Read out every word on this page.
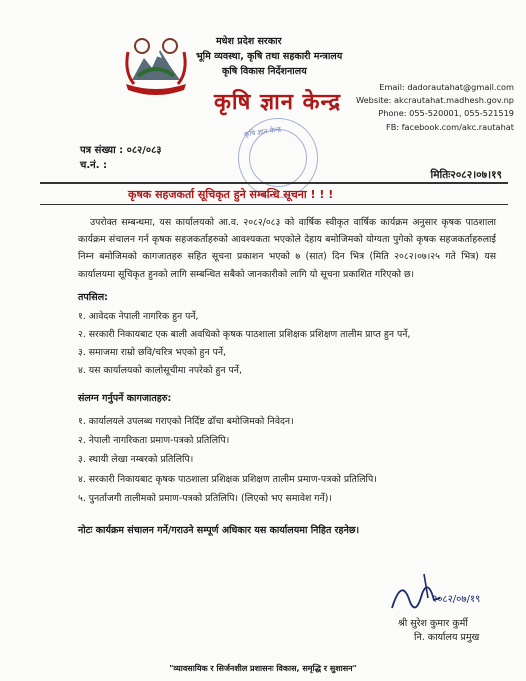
मधेश प्रदेश सरकार
भूमि व्यवस्था, कृषि तथा सहकारी मन्त्रालय
कृषि विकास निर्देशनालय
कृषि ज्ञान केन्द्र
Email: dadorautahat@gmail.com
Website: akcrautahat.madhesh.gov.np
Phone: 055-520001, 055-521519
FB: facebook.com/akc.rautahat
कृषि ज्ञान केन्द्र
पत्र संख्या : ०८२/०८३
च.नं. :
मितिः२०८२।०७।१९
कृषक सहजकर्ता सूचिकृत हुने सम्बन्धि सूचना ! ! !
उपरोक्त सम्बन्धमा, यस कार्यालयको आ.व. २०८२/०८३ को वार्षिक स्वीकृत वार्षिक कार्यक्रम अनुसार कृषक पाठशाला कार्यक्रम संचालन गर्न कृषक सहजकर्ताहरुको आवश्यकता भएकोले देहाय बमोजिमको योग्यता पुगेको कृषक सहजकर्ताहरुलाई निम्न बमोजिमको कागजातहरु सहित सूचना प्रकाशन भएको ७ (सात) दिन भित्र (मिति २०८२।०७।२५ गते भित्र) यस कार्यालयमा सूचिकृत हुनको लागि सम्बन्धित सबैको जानकारीको लागि यो सूचना प्रकाशित गरिएको छ।
तपसिल:
१. आवेदक नेपाली नागरिक हुन पर्ने,
२. सरकारी निकायबाट एक बाली अवधिको कृषक पाठशाला प्रशिक्षक प्रशिक्षण तालीम प्राप्त हुन पर्ने,
३. समाजमा राम्रो छवि/चरित्र भएको हुन पर्ने,
४. यस कार्यालयको कालोसूचीमा नपरेको हुन पर्ने,
संलग्न गर्नुपर्ने कागजातहरु:
१. कार्यालयले उपलब्ध गराएको निर्दिष्ट ढाँचा बमोजिमको निवेदन।
२. नेपाली नागरिकता प्रमाण-पत्रको प्रतिलिपि।
३. स्थायी लेखा नम्बरको प्रतिलिपि।
४. सरकारी निकायबाट कृषक पाठशाला प्रशिक्षक प्रशिक्षण तालीम प्रमाण-पत्रको प्रतिलिपि।
५. पुनर्ताजगी तालीमको प्रमाण-पत्रको प्रतिलिपि। (लिएको भए समावेश गर्ने)।
नोटः कार्यक्रम संचालन गर्ने/गराउने सम्पूर्ण अधिकार यस कार्यालयमा निहित रहनेछ।
२०८२/०७/१९
श्री सुरेश कुमार कुर्मी
नि. कार्यालय प्रमुख
"व्यावसायिक र सिर्जनशील प्रशासनः विकास, समृद्धि र सुशासन"
